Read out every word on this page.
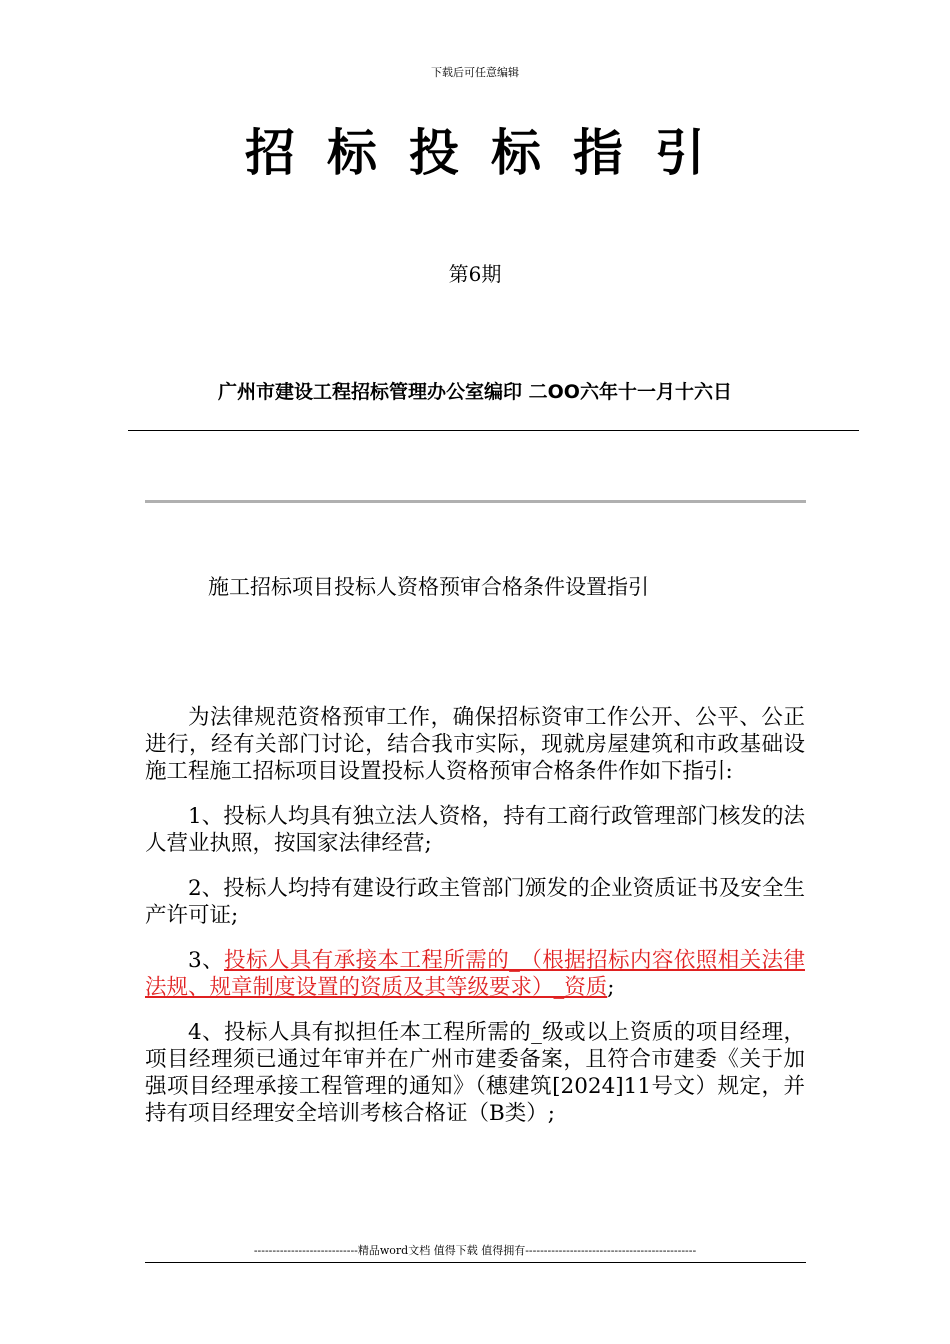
下载后可任意编辑
招标投标指引
第6期
广州市建设工程招标管理办公室编印 二OO六年十一月十六日
施工招标项目投标人资格预审合格条件设置指引

为法律规范资格预审工作，确保招标资审工作公开、公平、公正进行，经有关部门讨论，结合我市实际，现就房屋建筑和市政基础设施工程施工招标项目设置投标人资格预审合格条件作如下指引:

1、投标人均具有独立法人资格，持有工商行政管理部门核发的法人营业执照，按国家法律经营;

2、投标人均持有建设行政主管部门颁发的企业资质证书及安全生产许可证;

3、投标人具有承接本工程所需的_（根据招标内容依照相关法律法规、规章制度设置的资质及其等级要求）_资质;

4、投标人具有拟担任本工程所需的_级或以上资质的项目经理，项目经理须已通过年审并在广州市建委备案，且符合市建委《关于加强项目经理承接工程管理的通知》（穗建筑[2024]11号文）规定，并持有项目经理安全培训考核合格证（B类）;

----------------------------精品word文档 值得下载 值得拥有----------------------------------------------
